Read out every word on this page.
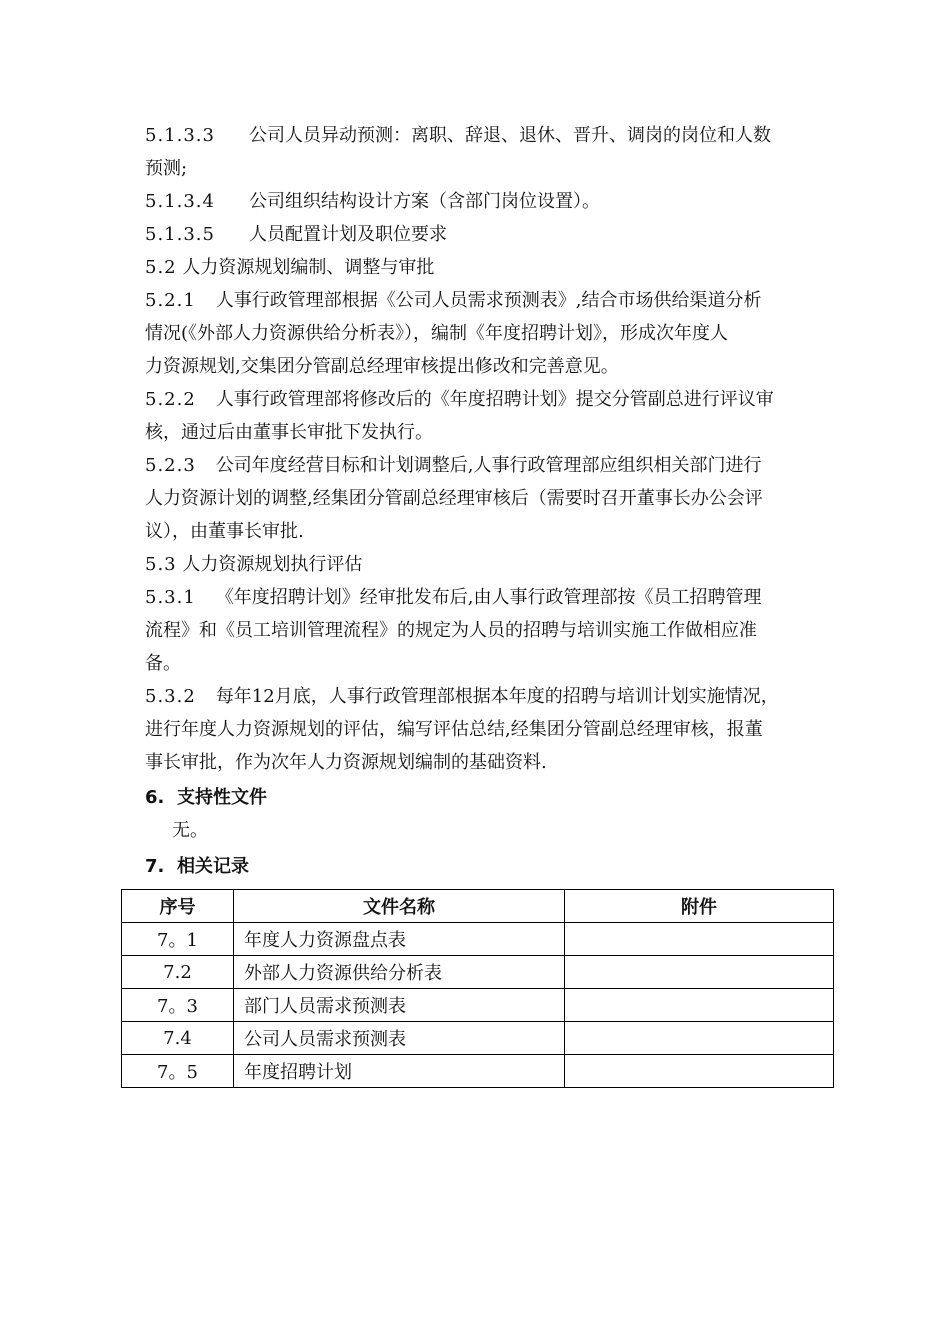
5.1.3.3 公司人员异动预测：离职、辞退、退休、晋升、调岗的岗位和人数
预测;
5.1.3.4 公司组织结构设计方案（含部门岗位设置）。
5.1.3.5 人员配置计划及职位要求
5.2 人力资源规划编制、调整与审批
5.2.1 人事行政管理部根据《公司人员需求预测表》,结合市场供给渠道分析
情况(《外部人力资源供给分析表》），编制《年度招聘计划》，形成次年度人
力资源规划,交集团分管副总经理审核提出修改和完善意见。
5.2.2 人事行政管理部将修改后的《年度招聘计划》提交分管副总进行评议审
核，通过后由董事长审批下发执行。
5.2.3 公司年度经营目标和计划调整后,人事行政管理部应组织相关部门进行
人力资源计划的调整,经集团分管副总经理审核后（需要时召开董事长办公会评
议），由董事长审批.
5.3 人力资源规划执行评估
5.3.1 《年度招聘计划》经审批发布后,由人事行政管理部按《员工招聘管理
流程》和《员工培训管理流程》的规定为人员的招聘与培训实施工作做相应准
备。
5.3.2 每年12月底，人事行政管理部根据本年度的招聘与培训计划实施情况，
进行年度人力资源规划的评估，编写评估总结,经集团分管副总经理审核，报董
事长审批，作为次年人力资源规划编制的基础资料.
6. 支持性文件
无。
7. 相关记录
序号	文件名称	附件
7。1	年度人力资源盘点表	
7.2	外部人力资源供给分析表	
7。3	部门人员需求预测表	
7.4	公司人员需求预测表	
7。5	年度招聘计划	
